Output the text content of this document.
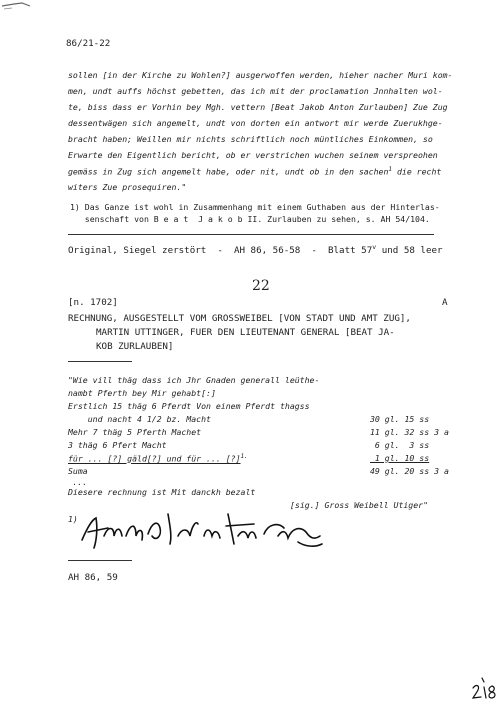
86/21-22
sollen [in der Kirche zu Wohlen?] ausgerwoffen werden, hieher nacher Muri kom-
men, undt auffs höchst gebetten, das ich mit der proclamation Jnnhalten wol-
te, biss dass er Vorhin bey Mgh. vettern [Beat Jakob Anton Zurlauben] Zue Zug
dessentwägen sich angemelt, undt von dorten ein antwort mir werde Zuerukhge-
bracht haben; Weillen mir nichts schriftlich noch müntliches Einkommen, so
Erwarte den Eigentlich bericht, ob er verstrichen wuchen seinem verspreohen
gemäss in Zug sich angemelt habe, oder nit, undt ob in den sachen$^1$ die recht
witers Zue prosequiren."
1) Das Ganze ist wohl in Zusammenhang mit einem Guthaben aus der Hinterlas-
senschaft von B e a t  J a k o b II. Zurlauben zu sehen, s. AH 54/104.
Original, Siegel zerstört  -  AH 86, 56-58  -  Blatt 57$^v$ und 58 leer
22
[n. 1702]	A
RECHNUNG, AUSGESTELLT VOM GROSSWEIBEL [VON STADT UND AMT ZUG],
MARTIN UTTINGER, FUER DEN LIEUTENANT GENERAL [BEAT JA-
KOB ZURLAUBEN]
"Wie vill thäg dass ich Jhr Gnaden generall leüthe-
nambt Pferth bey Mir gehabt[:]
Erstlich 15 thäg 6 Pferdt Von einem Pferdt thagss
und nacht 4 1/2 bz. Macht	30 gl. 15 ss
Mehr 7 thäg 5 Pferth Machet	11 gl. 32 ss 3 a
3 thäg 6 Pfert Macht	6 gl.  3 ss
für ... [?] gäld[?] und für ... [?]$^{1.}$	1 gl. 10 ss
Suma	49 gl. 20 ss 3 a
...
Diesere rechnung ist Mit danckh bezalt
[sig.] Gross Weibell Utiger"
1)
AH 86, 59
